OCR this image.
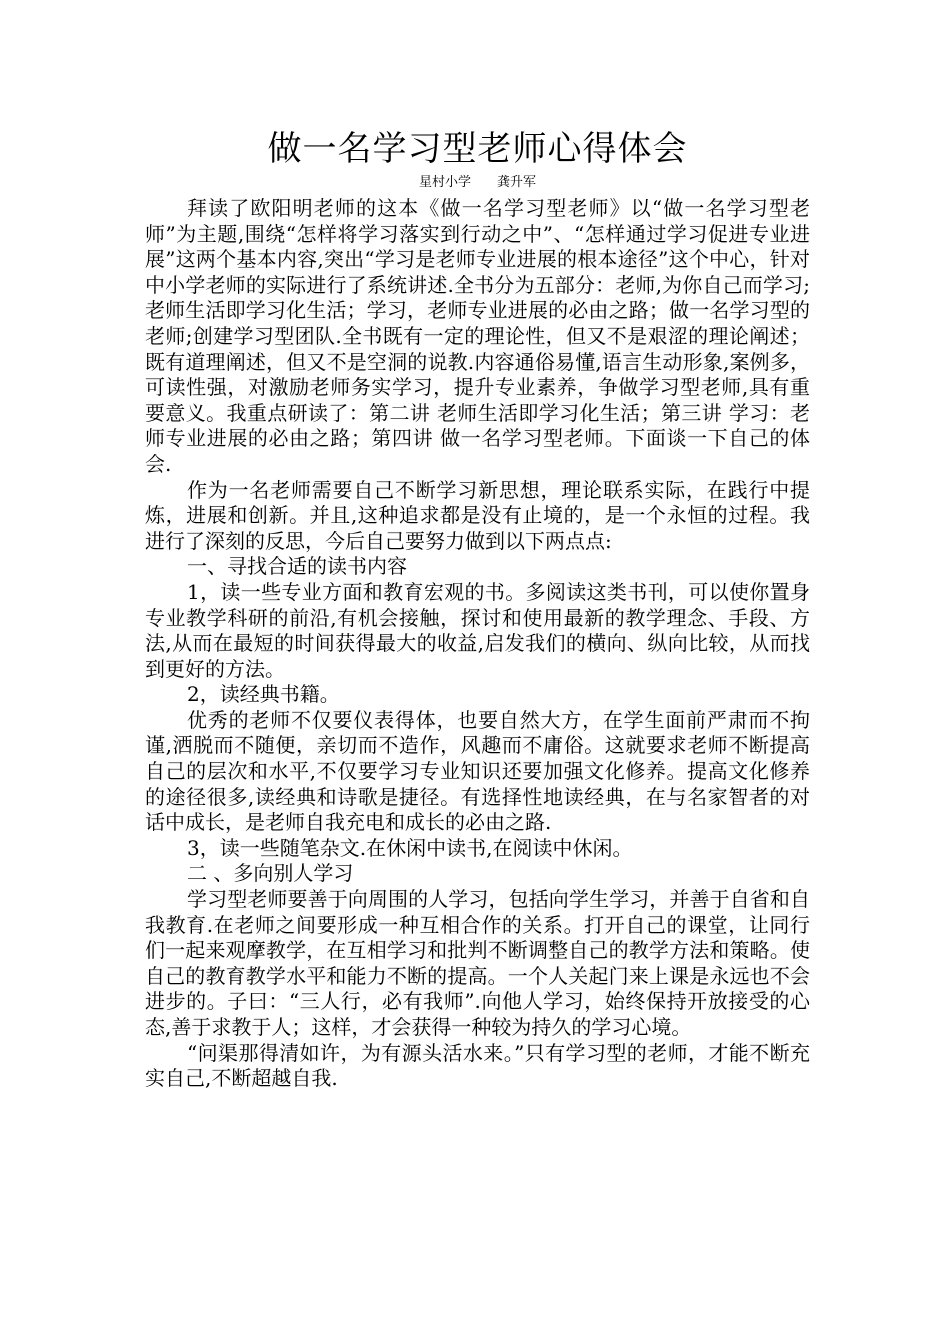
做一名学习型老师心得体会

星村小学　　龚升军

拜读了欧阳明老师的这本《做一名学习型老师》以“做一名学习型老师”为主题,围绕“怎样将学习落实到行动之中”、“怎样通过学习促进专业进展”这两个基本内容,突出“学习是老师专业进展的根本途径”这个中心，针对中小学老师的实际进行了系统讲述.全书分为五部分：老师,为你自己而学习;老师生活即学习化生活；学习，老师专业进展的必由之路；做一名学习型的老师;创建学习型团队.全书既有一定的理论性，但又不是艰涩的理论阐述；既有道理阐述，但又不是空洞的说教.内容通俗易懂,语言生动形象,案例多，可读性强，对激励老师务实学习，提升专业素养，争做学习型老师,具有重要意义。我重点研读了：第二讲 老师生活即学习化生活；第三讲 学习：老师专业进展的必由之路；第四讲 做一名学习型老师。下面谈一下自己的体会.

作为一名老师需要自己不断学习新思想，理论联系实际，在践行中提炼，进展和创新。并且,这种追求都是没有止境的，是一个永恒的过程。我进行了深刻的反思，今后自己要努力做到以下两点点:

一、寻找合适的读书内容

1，读一些专业方面和教育宏观的书。多阅读这类书刊，可以使你置身专业教学科研的前沿,有机会接触，探讨和使用最新的教学理念、手段、方法,从而在最短的时间获得最大的收益,启发我们的横向、纵向比较，从而找到更好的方法。

2，读经典书籍。

优秀的老师不仅要仪表得体，也要自然大方，在学生面前严肃而不拘谨,洒脱而不随便，亲切而不造作，风趣而不庸俗。这就要求老师不断提高自己的层次和水平,不仅要学习专业知识还要加强文化修养。提高文化修养的途径很多,读经典和诗歌是捷径。有选择性地读经典，在与名家智者的对话中成长，是老师自我充电和成长的必由之路.

3，读一些随笔杂文.在休闲中读书,在阅读中休闲。

二 、多向别人学习

学习型老师要善于向周围的人学习，包括向学生学习，并善于自省和自我教育.在老师之间要形成一种互相合作的关系。打开自己的课堂，让同行们一起来观摩教学，在互相学习和批判不断调整自己的教学方法和策略。使自己的教育教学水平和能力不断的提高。一个人关起门来上课是永远也不会进步的。子曰：“三人行，必有我师”.向他人学习，始终保持开放接受的心态,善于求教于人；这样，才会获得一种较为持久的学习心境。

“问渠那得清如许，为有源头活水来。”只有学习型的老师，才能不断充实自己,不断超越自我.
